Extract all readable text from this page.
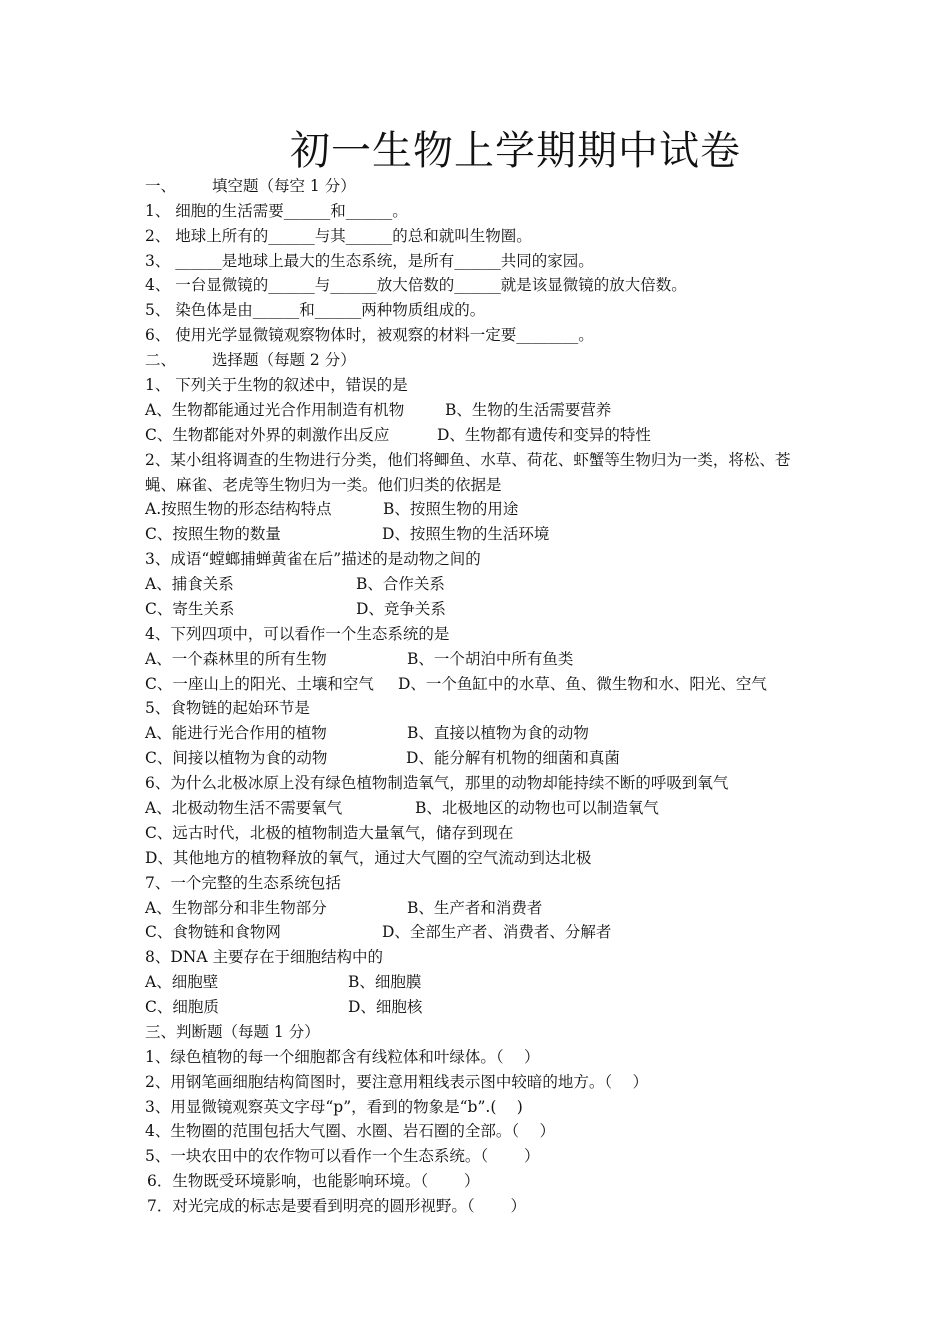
初一生物上学期期中试卷
一、 填空题（每空 1 分）
1、 细胞的生活需要______和______。
2、 地球上所有的______与其______的总和就叫生物圈。
3、 ______是地球上最大的生态系统，是所有______共同的家园。
4、 一台显微镜的______与______放大倍数的______就是该显微镜的放大倍数。
5、 染色体是由______和______两种物质组成的。
6、 使用光学显微镜观察物体时，被观察的材料一定要________。
二、 选择题（每题 2 分）
1、 下列关于生物的叙述中，错误的是
A、生物都能通过光合作用制造有机物	B、生物的生活需要营养
C、生物都能对外界的刺激作出反应	D、生物都有遗传和变异的特性
2、某小组将调查的生物进行分类，他们将鲫鱼、水草、荷花、虾蟹等生物归为一类，将松、苍
蝇、麻雀、老虎等生物归为一类。他们归类的依据是
A.按照生物的形态结构特点	B、按照生物的用途
C、按照生物的数量	D、按照生物的生活环境
3、成语“螳螂捕蝉黄雀在后”描述的是动物之间的
A、捕食关系	B、合作关系
C、寄生关系	D、竞争关系
4、下列四项中，可以看作一个生态系统的是
A、一个森林里的所有生物	B、一个胡泊中所有鱼类
C、一座山上的阳光、土壤和空气 D、一个鱼缸中的水草、鱼、微生物和水、阳光、空气
5、食物链的起始环节是
A、能进行光合作用的植物	B、直接以植物为食的动物
C、间接以植物为食的动物	D、能分解有机物的细菌和真菌
6、为什么北极冰原上没有绿色植物制造氧气，那里的动物却能持续不断的呼吸到氧气
A、北极动物生活不需要氧气	B、北极地区的动物也可以制造氧气
C、远古时代，北极的植物制造大量氧气，储存到现在
D、其他地方的植物释放的氧气，通过大气圈的空气流动到达北极
7、一个完整的生态系统包括
A、生物部分和非生物部分	B、生产者和消费者
C、食物链和食物网	D、全部生产者、消费者、分解者
8、DNA 主要存在于细胞结构中的
A、细胞壁	B、细胞膜
C、细胞质	D、细胞核
三、判断题（每题 1 分）
1、绿色植物的每一个细胞都含有线粒体和叶绿体。（　 ）
2、用钢笔画细胞结构简图时，要注意用粗线表示图中较暗的地方。（　 ）
3、用显微镜观察英文字母“p”，看到的物象是“b”.(　 )
4、生物圈的范围包括大气圈、水圈、岩石圈的全部。（　 ）
5、一块农田中的农作物可以看作一个生态系统。（　　 ）
6．生物既受环境影响，也能影响环境。（　　 ）
7．对光完成的标志是要看到明亮的圆形视野。（　　 ）
